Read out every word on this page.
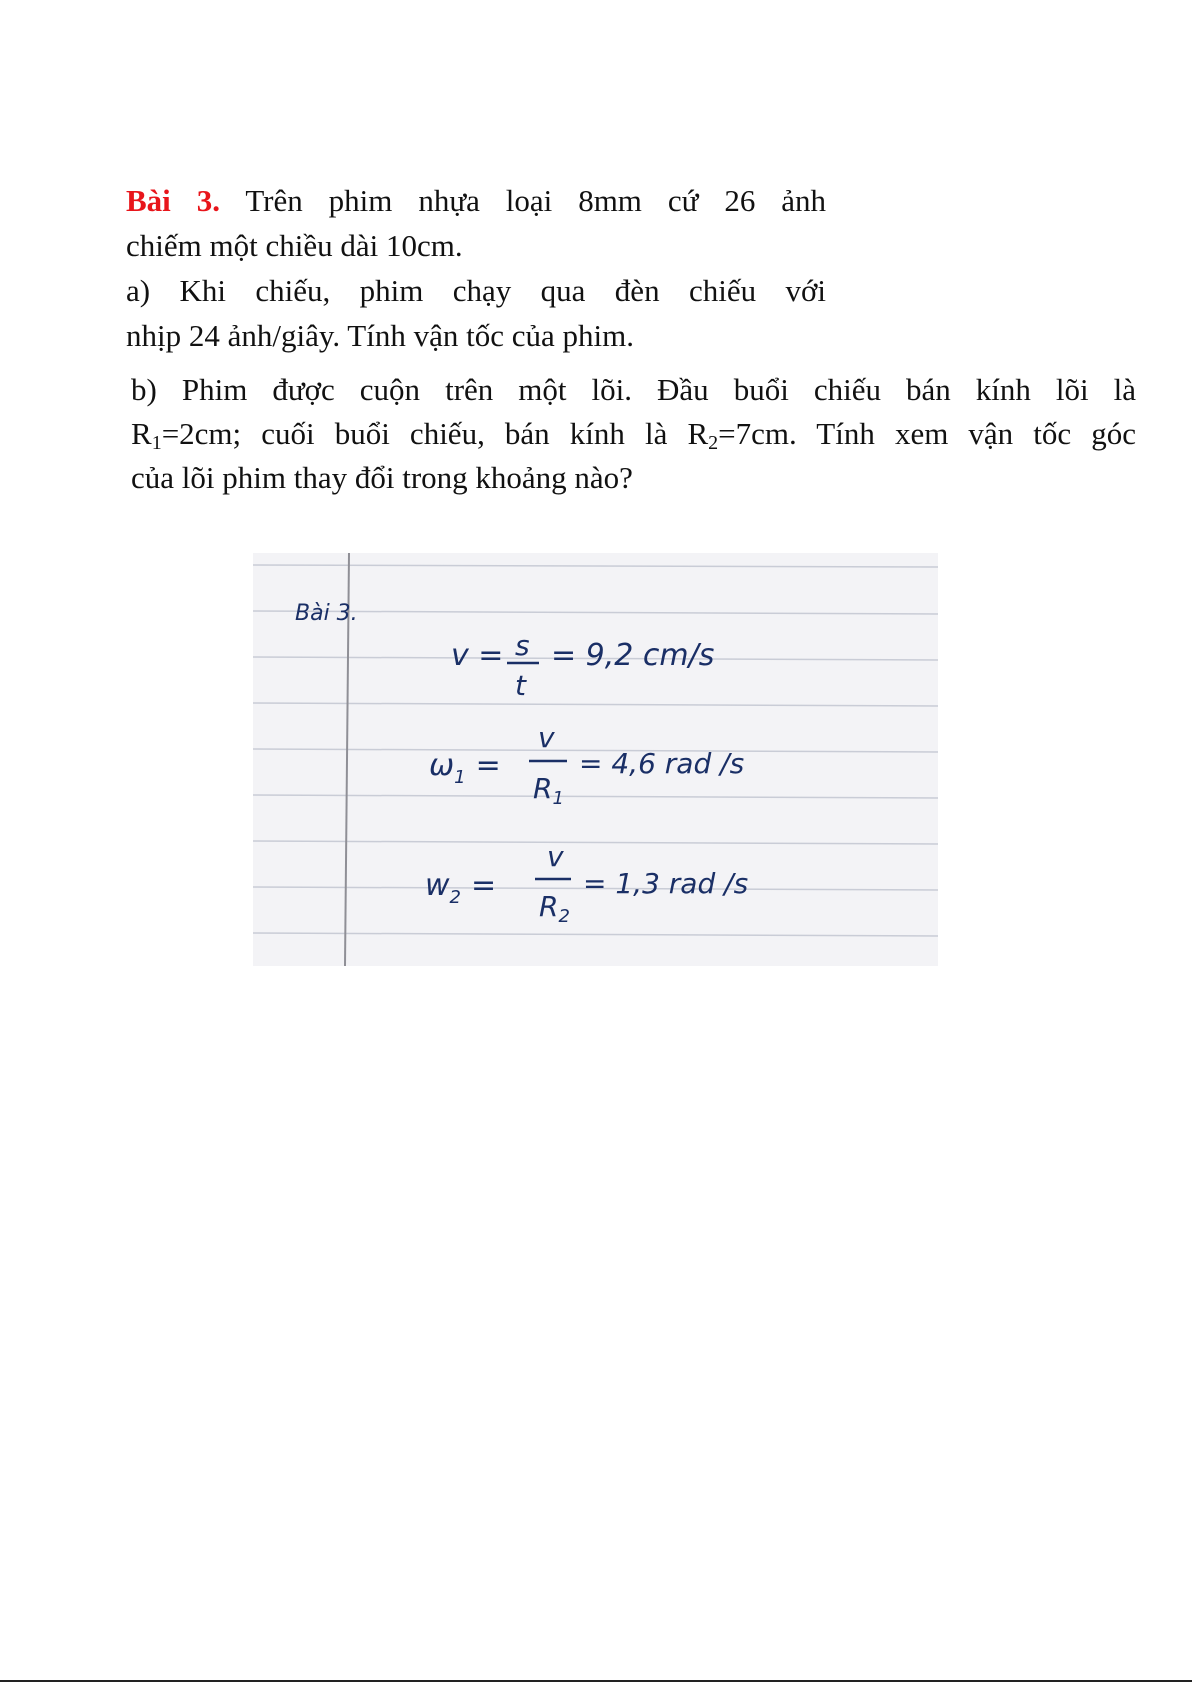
Bài 3. Trên phim nhựa loại 8mm cứ 26 ảnh

chiếm một chiều dài 10cm.

a) Khi chiếu, phim chạy qua đèn chiếu với

nhịp 24 ảnh/giây. Tính vận tốc của phim.

b) Phim được cuộn trên một lõi. Đầu buổi chiếu bán kính lõi là

$R_1=2cm$; cuối buổi chiếu, bán kính là $R_2=7cm$. Tính xem vận tốc góc

của lõi phim thay đổi trong khoảng nào?

Bài 3.
v = s
t
= 9,2 cm/s
$\omega_1$ =
v
$R_1$
= 4,6 rad /s
$w_2$ =
v
$R_2$
= 1,3 rad /s
